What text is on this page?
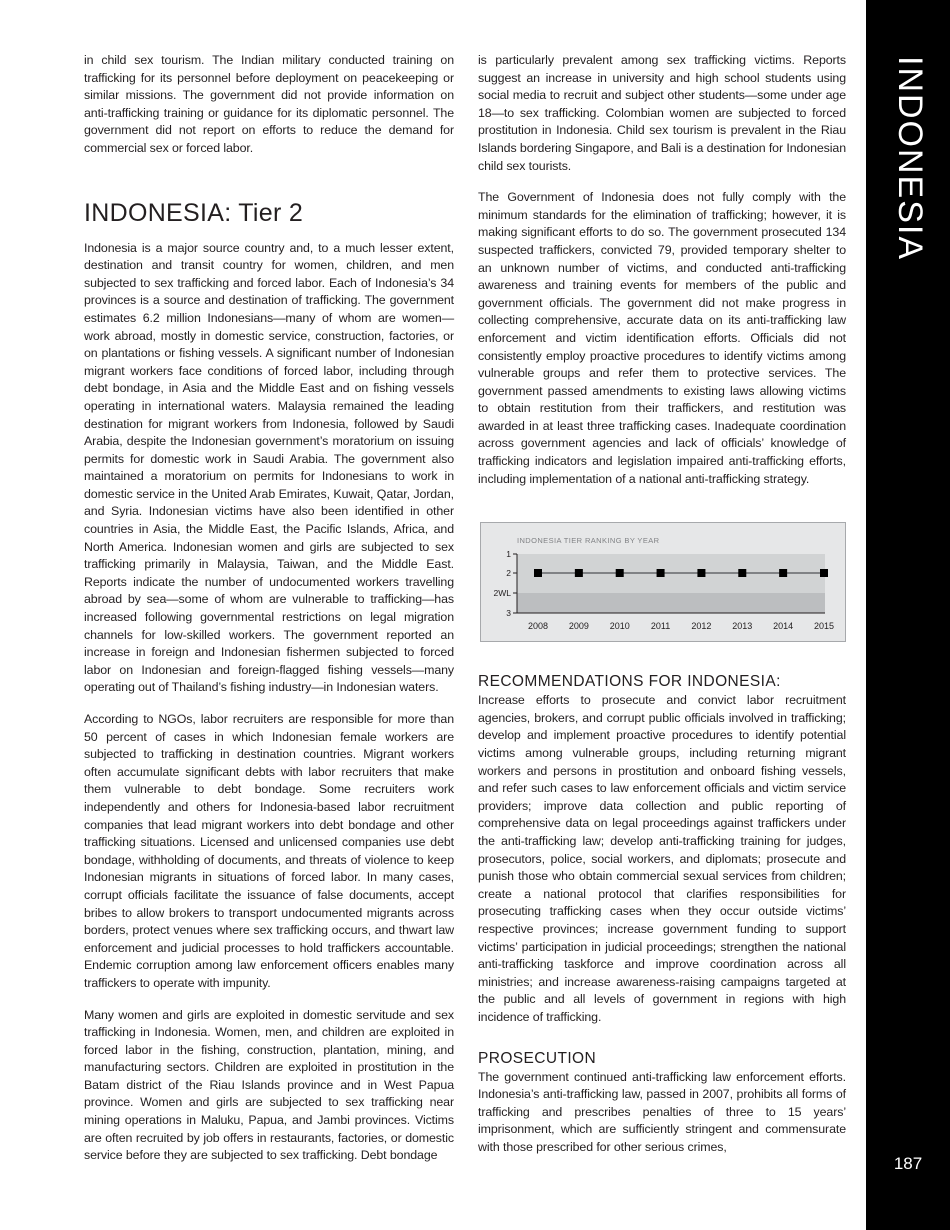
INDONESIA
187

in child sex tourism. The Indian military conducted training on trafficking for its personnel before deployment on peacekeeping or similar missions. The government did not provide information on anti-trafficking training or guidance for its diplomatic personnel. The government did not report on efforts to reduce the demand for commercial sex or forced labor.

INDONESIA: Tier 2

Indonesia is a major source country and, to a much lesser extent, destination and transit country for women, children, and men subjected to sex trafficking and forced labor. Each of Indonesia’s 34 provinces is a source and destination of trafficking. The government estimates 6.2 million Indonesians—many of whom are women—work abroad, mostly in domestic service, construction, factories, or on plantations or fishing vessels. A significant number of Indonesian migrant workers face conditions of forced labor, including through debt bondage, in Asia and the Middle East and on fishing vessels operating in international waters. Malaysia remained the leading destination for migrant workers from Indonesia, followed by Saudi Arabia, despite the Indonesian government’s moratorium on issuing permits for domestic work in Saudi Arabia. The government also maintained a moratorium on permits for Indonesians to work in domestic service in the United Arab Emirates, Kuwait, Qatar, Jordan, and Syria. Indonesian victims have also been identified in other countries in Asia, the Middle East, the Pacific Islands, Africa, and North America. Indonesian women and girls are subjected to sex trafficking primarily in Malaysia, Taiwan, and the Middle East. Reports indicate the number of undocumented workers travelling abroad by sea—some of whom are vulnerable to trafficking—has increased following governmental restrictions on legal migration channels for low-skilled workers. The government reported an increase in foreign and Indonesian fishermen subjected to forced labor on Indonesian and foreign-flagged fishing vessels—many operating out of Thailand’s fishing industry—in Indonesian waters.

According to NGOs, labor recruiters are responsible for more than 50 percent of cases in which Indonesian female workers are subjected to trafficking in destination countries. Migrant workers often accumulate significant debts with labor recruiters that make them vulnerable to debt bondage. Some recruiters work independently and others for Indonesia-based labor recruitment companies that lead migrant workers into debt bondage and other trafficking situations. Licensed and unlicensed companies use debt bondage, withholding of documents, and threats of violence to keep Indonesian migrants in situations of forced labor. In many cases, corrupt officials facilitate the issuance of false documents, accept bribes to allow brokers to transport undocumented migrants across borders, protect venues where sex trafficking occurs, and thwart law enforcement and judicial processes to hold traffickers accountable. Endemic corruption among law enforcement officers enables many traffickers to operate with impunity.

Many women and girls are exploited in domestic servitude and sex trafficking in Indonesia. Women, men, and children are exploited in forced labor in the fishing, construction, plantation, mining, and manufacturing sectors. Children are exploited in prostitution in the Batam district of the Riau Islands province and in West Papua province. Women and girls are subjected to sex trafficking near mining operations in Maluku, Papua, and Jambi provinces. Victims are often recruited by job offers in restaurants, factories, or domestic service before they are subjected to sex trafficking. Debt bondage

is particularly prevalent among sex trafficking victims. Reports suggest an increase in university and high school students using social media to recruit and subject other students—some under age 18—to sex trafficking. Colombian women are subjected to forced prostitution in Indonesia. Child sex tourism is prevalent in the Riau Islands bordering Singapore, and Bali is a destination for Indonesian child sex tourists.

The Government of Indonesia does not fully comply with the minimum standards for the elimination of trafficking; however, it is making significant efforts to do so. The government prosecuted 134 suspected traffickers, convicted 79, provided temporary shelter to an unknown number of victims, and conducted anti-trafficking awareness and training events for members of the public and government officials. The government did not make progress in collecting comprehensive, accurate data on its anti-trafficking law enforcement and victim identification efforts. Officials did not consistently employ proactive procedures to identify victims among vulnerable groups and refer them to protective services. The government passed amendments to existing laws allowing victims to obtain restitution from their traffickers, and restitution was awarded in at least three trafficking cases. Inadequate coordination across government agencies and lack of officials’ knowledge of trafficking indicators and legislation impaired anti-trafficking efforts, including implementation of a national anti-trafficking strategy.

INDONESIA TIER RANKING BY YEAR
1
2
2WL
3
2008 2009 2010 2011 2012 2013 2014 2015
RECOMMENDATIONS FOR INDONESIA:

Increase efforts to prosecute and convict labor recruitment agencies, brokers, and corrupt public officials involved in trafficking; develop and implement proactive procedures to identify potential victims among vulnerable groups, including returning migrant workers and persons in prostitution and onboard fishing vessels, and refer such cases to law enforcement officials and victim service providers; improve data collection and public reporting of comprehensive data on legal proceedings against traffickers under the anti-trafficking law; develop anti-trafficking training for judges, prosecutors, police, social workers, and diplomats; prosecute and punish those who obtain commercial sexual services from children; create a national protocol that clarifies responsibilities for prosecuting trafficking cases when they occur outside victims’ respective provinces; increase government funding to support victims’ participation in judicial proceedings; strengthen the national anti-trafficking taskforce and improve coordination across all ministries; and increase awareness-raising campaigns targeted at the public and all levels of government in regions with high incidence of trafficking.

PROSECUTION

The government continued anti-trafficking law enforcement efforts. Indonesia’s anti-trafficking law, passed in 2007, prohibits all forms of trafficking and prescribes penalties of three to 15 years’ imprisonment, which are sufficiently stringent and commensurate with those prescribed for other serious crimes,
